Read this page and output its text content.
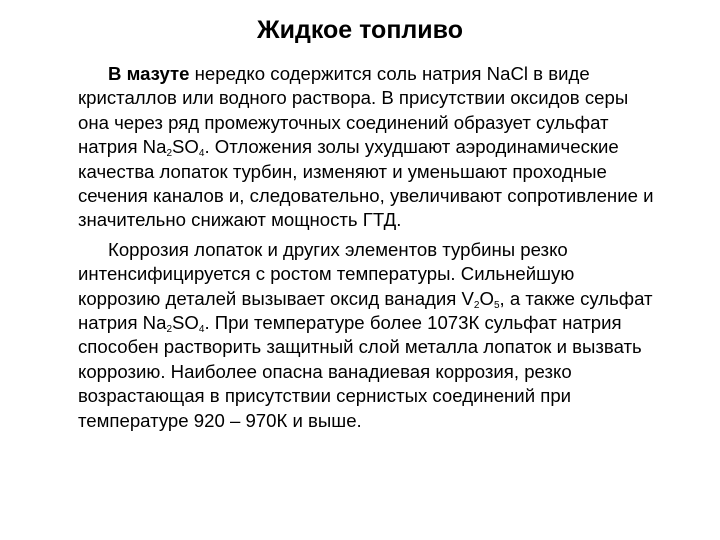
Жидкое топливо

В мазуте нередко содержится соль натрия NaCl в виде кристаллов или водного раствора. В присутствии оксидов серы она через ряд промежуточных соединений образует сульфат натрия $Na_2SO_4$. Отложения золы ухудшают аэродинамические качества лопаток турбин, изменяют и уменьшают проходные сечения каналов и, следовательно, увеличивают сопротивление и значительно снижают мощность ГТД.

Коррозия лопаток и других элементов турбины резко интенсифицируется с ростом температуры. Сильнейшую коррозию деталей вызывает оксид ванадия $V_2O_5$, а также сульфат натрия $Na_2SO_4$. При температуре более 1073К сульфат натрия способен растворить защитный слой металла лопаток и вызвать коррозию. Наиболее опасна ванадиевая коррозия, резко возрастающая в присутствии сернистых соединений при температуре 920 – 970К и выше.
